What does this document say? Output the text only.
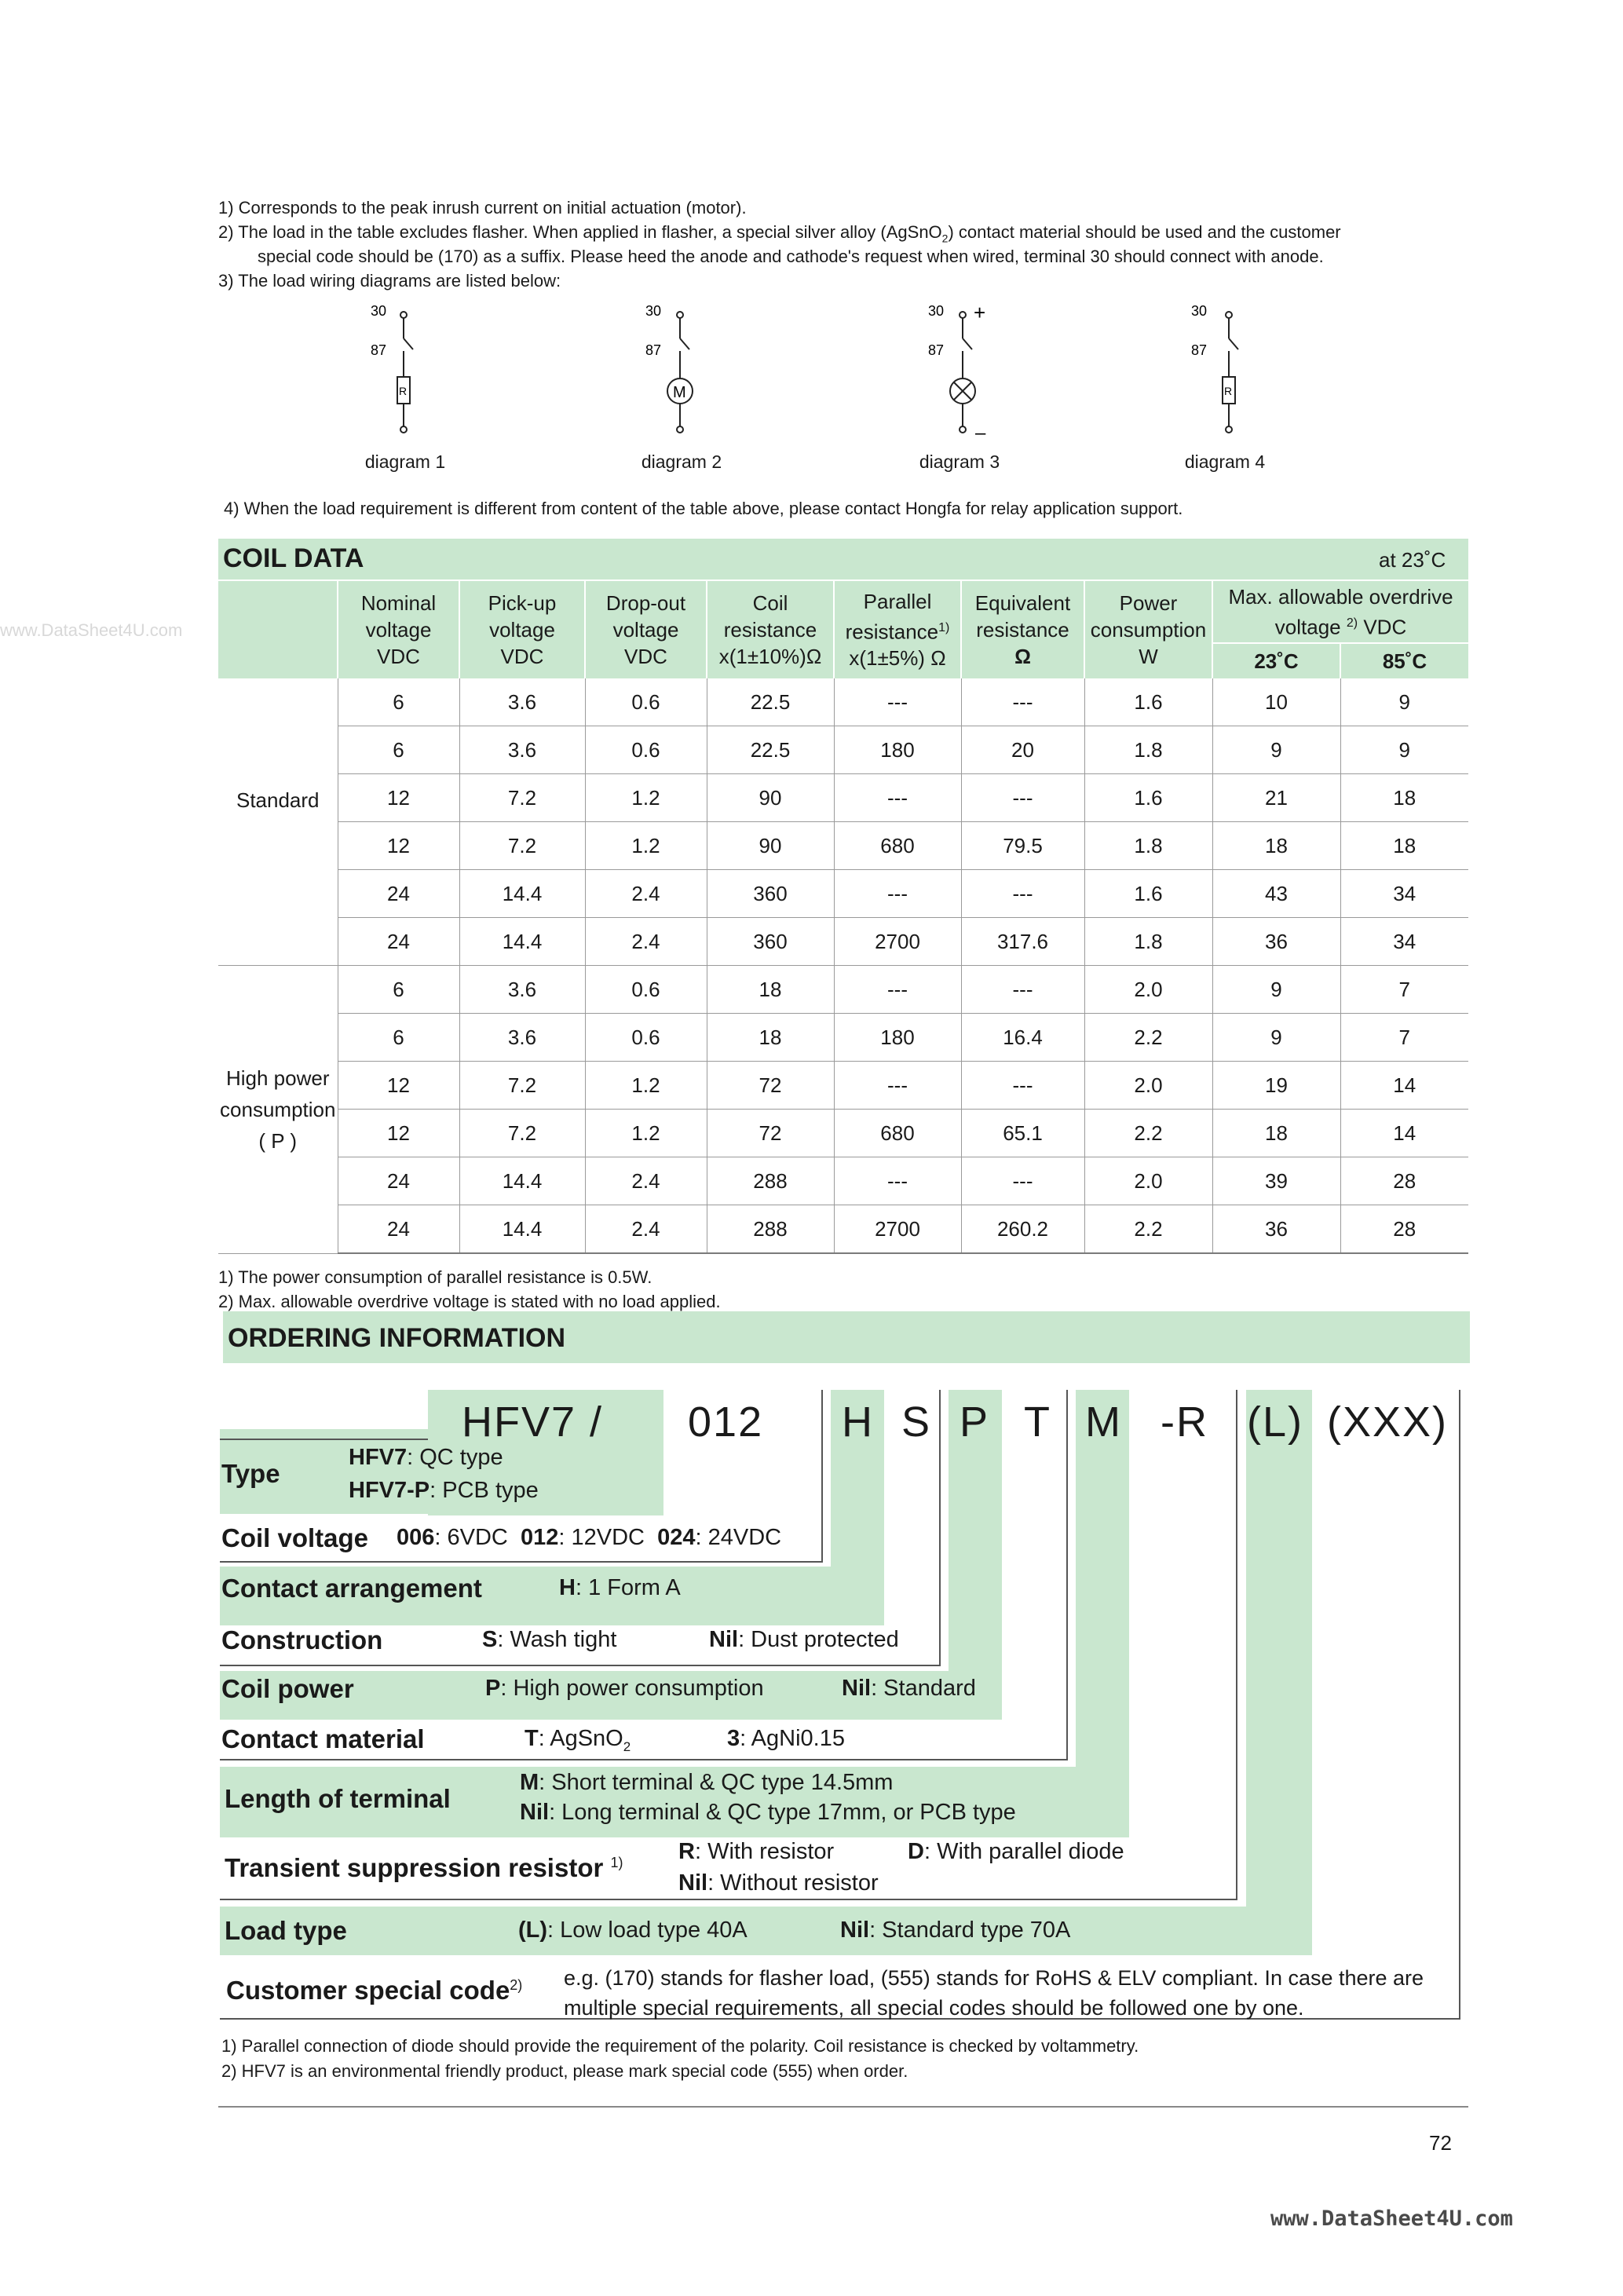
www.DataSheet4U.com
www.DataSheet4U.com
1) Corresponds to the peak inrush current on initial actuation (motor).
2) The load in the table excludes flasher. When applied in flasher, a special silver alloy (AgSnO$_2$) contact material should be used and the customer
special code should be (170) as a suffix. Please heed the anode and cathode's request when wired, terminal 30 should connect with anode.
3) The load wiring diagrams are listed below:
30
87
R
30
87
M
30 +
87
–
30
87
R
diagram 1	diagram 2	diagram 3	diagram 4
4) When the load requirement is different from content of the table above, please contact Hongfa for relay application support.
COIL DATA	at 23˚C
	Nominal
voltage
VDC	Pick-up
voltage
VDC	Drop-out
voltage
VDC	Coil
resistance
x(1±10%)Ω	Parallel
resistance$^{1)}$
x(1±5%) Ω	Equivalent
resistance
Ω	Power
consumption
W	Max. allowable overdrive
voltage $^{2)}$ VDC	
								23˚C	85˚C
Standard	6	3.6	0.6	22.5	---	---	1.6	10	9
	6	3.6	0.6	22.5	180	20	1.8	9	9
	12	7.2	1.2	90	---	---	1.6	21	18
	12	7.2	1.2	90	680	79.5	1.8	18	18
	24	14.4	2.4	360	---	---	1.6	43	34
	24	14.4	2.4	360	2700	317.6	1.8	36	34
High power
consumption
( P )	6	3.6	0.6	18	---	---	2.0	9	7
	6	3.6	0.6	18	180	16.4	2.2	9	7
	12	7.2	1.2	72	---	---	2.0	19	14
	12	7.2	1.2	72	680	65.1	2.2	18	14
	24	14.4	2.4	288	---	---	2.0	39	28
	24	14.4	2.4	288	2700	260.2	2.2	36	28
1) The power consumption of parallel resistance is 0.5W.
2) Max. allowable overdrive voltage is stated with no load applied.
ORDERING INFORMATION
HFV7 / 012 H S P T M -R (L) (XXX)
Type
HFV7: QC type
HFV7-P: PCB type
Coil voltage 006: 6VDC 012: 12VDC 024: 24VDC
Contact arrangement	H: 1 Form A
Construction	S: Wash tight	Nil: Dust protected
Coil power	P: High power consumption	Nil: Standard
Contact material	T: AgSnO$_2$	3: AgNi0.15
Length of terminal
M: Short terminal & QC type 14.5mm
Nil: Long terminal & QC type 17mm, or PCB type
Transient suppression resistor $^{1)}$ R: With resistor	D: With parallel diode
Nil: Without resistor
Load type	(L): Low load type 40A	Nil: Standard type 70A
Customer special code$^{2)}$ e.g. (170) stands for flasher load, (555) stands for RoHS & ELV compliant. In case there are
multiple special requirements, all special codes should be followed one by one.
1) Parallel connection of diode should provide the requirement of the polarity. Coil resistance is checked by voltammetry.
2) HFV7 is an environmental friendly product, please mark special code (555) when order.
72
